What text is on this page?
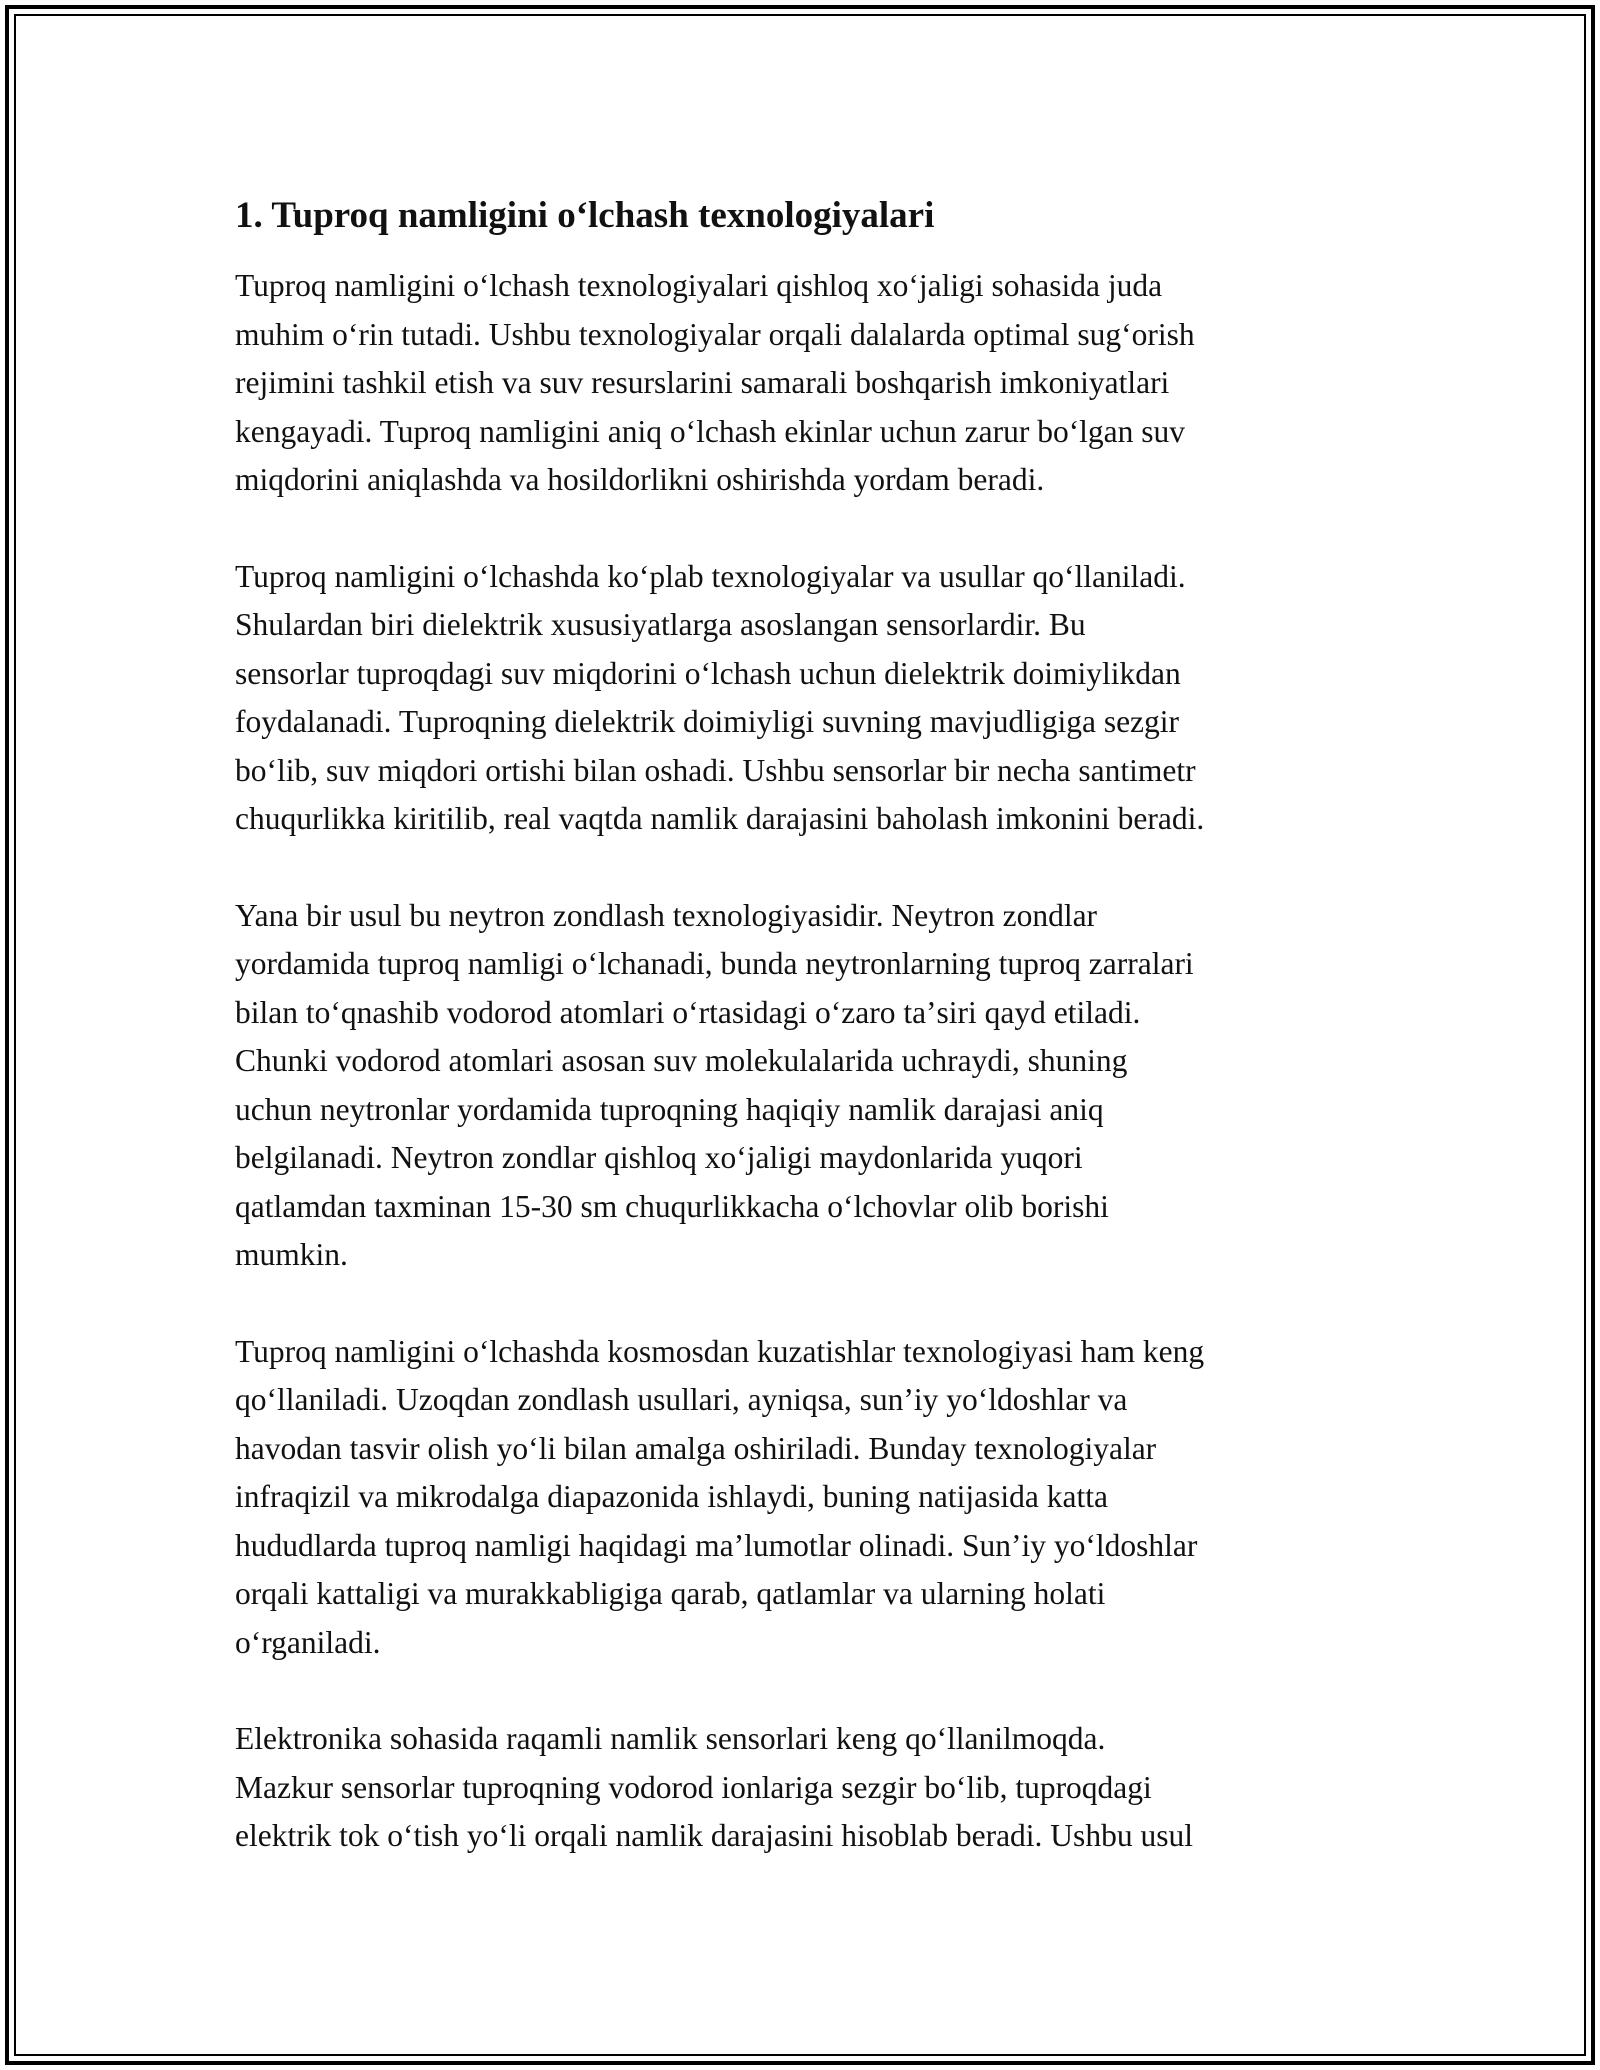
1. Tuproq namligini oʻlchash texnologiyalari

Tuproq namligini oʻlchash texnologiyalari qishloq xoʻjaligi sohasida juda
muhim oʻrin tutadi. Ushbu texnologiyalar orqali dalalarda optimal sugʻorish
rejimini tashkil etish va suv resurslarini samarali boshqarish imkoniyatlari
kengayadi. Tuproq namligini aniq oʻlchash ekinlar uchun zarur boʻlgan suv
miqdorini aniqlashda va hosildorlikni oshirishda yordam beradi.

Tuproq namligini oʻlchashda koʻplab texnologiyalar va usullar qoʻllaniladi.
Shulardan biri dielektrik xususiyatlarga asoslangan sensorlardir. Bu
sensorlar tuproqdagi suv miqdorini oʻlchash uchun dielektrik doimiylikdan
foydalanadi. Tuproqning dielektrik doimiyligi suvning mavjudligiga sezgir
boʻlib, suv miqdori ortishi bilan oshadi. Ushbu sensorlar bir necha santimetr
chuqurlikka kiritilib, real vaqtda namlik darajasini baholash imkonini beradi.

Yana bir usul bu neytron zondlash texnologiyasidir. Neytron zondlar
yordamida tuproq namligi oʻlchanadi, bunda neytronlarning tuproq zarralari
bilan toʻqnashib vodorod atomlari oʻrtasidagi oʻzaro taʼsiri qayd etiladi.
Chunki vodorod atomlari asosan suv molekulalarida uchraydi, shuning
uchun neytronlar yordamida tuproqning haqiqiy namlik darajasi aniq
belgilanadi. Neytron zondlar qishloq xoʻjaligi maydonlarida yuqori
qatlamdan taxminan 15-30 sm chuqurlikkacha oʻlchovlar olib borishi
mumkin.

Tuproq namligini oʻlchashda kosmosdan kuzatishlar texnologiyasi ham keng
qoʻllaniladi. Uzoqdan zondlash usullari, ayniqsa, sunʼiy yoʻldoshlar va
havodan tasvir olish yoʻli bilan amalga oshiriladi. Bunday texnologiyalar
infraqizil va mikrodalga diapazonida ishlaydi, buning natijasida katta
hududlarda tuproq namligi haqidagi maʼlumotlar olinadi. Sunʼiy yoʻldoshlar
orqali kattaligi va murakkabligiga qarab, qatlamlar va ularning holati
oʻrganiladi.

Elektronika sohasida raqamli namlik sensorlari keng qoʻllanilmoqda.
Mazkur sensorlar tuproqning vodorod ionlariga sezgir boʻlib, tuproqdagi
elektrik tok oʻtish yoʻli orqali namlik darajasini hisoblab beradi. Ushbu usul
